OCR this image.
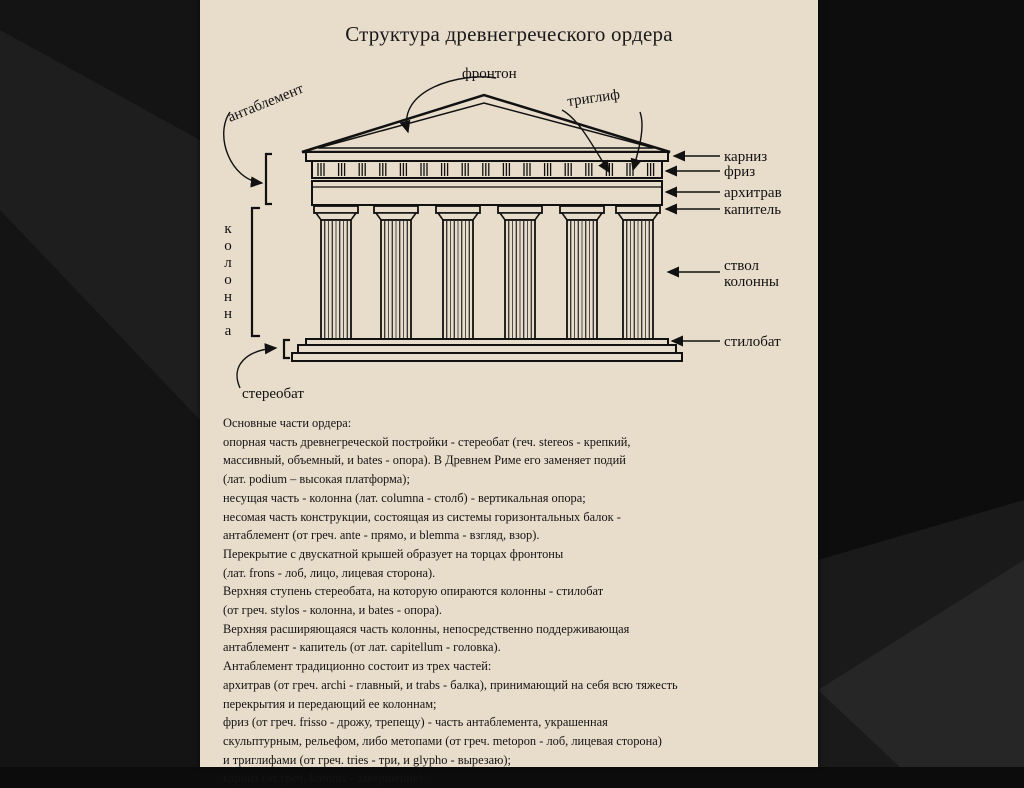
Структура древнегреческого ордера
антаблемент
фронтон
триглиф
карниз
фриз
архитрав
капитель
ствол
колонны
стилобат
стереобат
к
о
л
о
н
н
а
Основные части ордера:
опорная часть древнегреческой постройки - стереобат (геч. stereos - крепкий,
массивный, объемный, и bates - опора). В Древнем Риме его заменяет подий
(лат. podium – высокая платформа);
несущая часть - колонна (лат. columna - столб) - вертикальная опора;
несомая часть конструкции, состоящая из системы горизонтальных балок -
антаблемент (от греч. ante - прямо, и blemma - взгляд, взор).
Перекрытие с двускатной крышей образует на торцах фронтоны
(лат. frons - лоб, лицо, лицевая сторона).
Верхняя ступень стереобата, на которую опираются колонны - стилобат
(от греч. stylos - колонна, и bates - опора).
Верхняя расширяющаяся часть колонны, непосредственно поддерживающая
антаблемент - капитель (от лат. capitellum - головка).
Антаблемент традиционно состоит из трех частей:
архитрав (от греч. archi - главный, и trabs - балка), принимающий на себя всю тяжесть
перекрытия и передающий ее колоннам;
фриз (от греч. frisso - дрожу, трепещу) - часть антаблемента, украшенная
скульптурным, рельефом, либо метопами (от греч. metopon - лоб, лицевая сторона)
и триглифами (от греч. tries - три, и glypho - вырезаю);
карниз (от греч. koronis - завершение).
